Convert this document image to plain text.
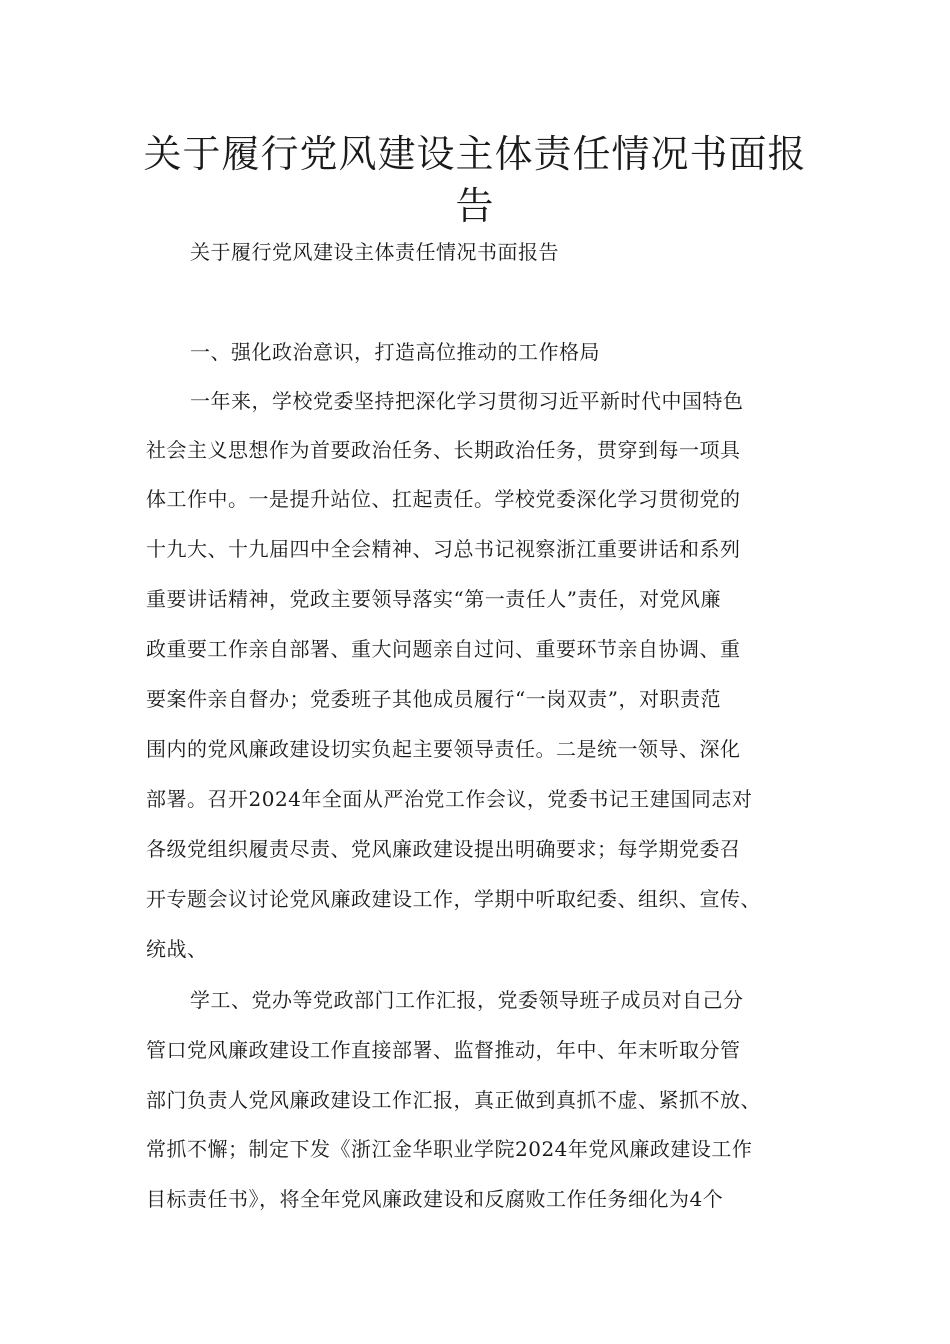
关于履行党风建设主体责任情况书面报
告

关于履行党风建设主体责任情况书面报告

一、强化政治意识，打造高位推动的工作格局

一年来，学校党委坚持把深化学习贯彻习近平新时代中国特色

社会主义思想作为首要政治任务、长期政治任务，贯穿到每一项具

体工作中。一是提升站位、扛起责任。学校党委深化学习贯彻党的

十九大、十九届四中全会精神、习总书记视察浙江重要讲话和系列

重要讲话精神，党政主要领导落实“第一责任人”责任，对党风廉

政重要工作亲自部署、重大问题亲自过问、重要环节亲自协调、重

要案件亲自督办；党委班子其他成员履行“一岗双责”，对职责范

围内的党风廉政建设切实负起主要领导责任。二是统一领导、深化

部署。召开2024年全面从严治党工作会议，党委书记王建国同志对

各级党组织履责尽责、党风廉政建设提出明确要求；每学期党委召

开专题会议讨论党风廉政建设工作，学期中听取纪委、组织、宣传、

统战、

学工、党办等党政部门工作汇报，党委领导班子成员对自己分

管口党风廉政建设工作直接部署、监督推动，年中、年末听取分管

部门负责人党风廉政建设工作汇报，真正做到真抓不虚、紧抓不放、

常抓不懈；制定下发《浙江金华职业学院2024年党风廉政建设工作

目标责任书》，将全年党风廉政建设和反腐败工作任务细化为4个
